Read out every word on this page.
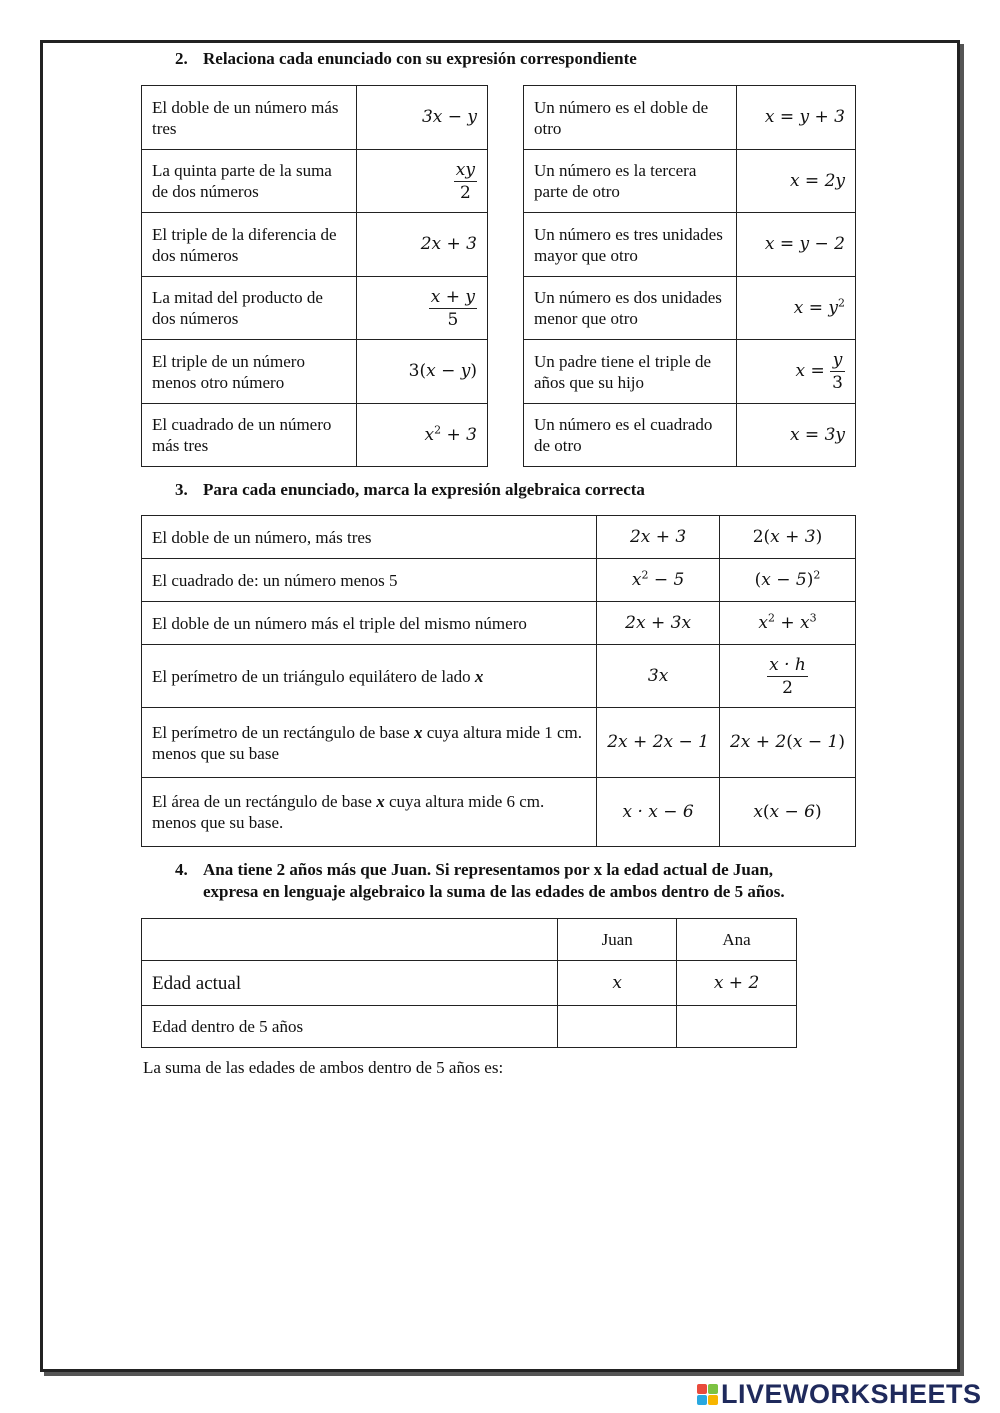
2. Relaciona cada enunciado con su expresión correspondiente
El doble de un número más tres	3x − y
La quinta parte de la suma de dos números	$\frac{xy}{2}$

El triple de la diferencia de dos números	2x + 3
La mitad del producto de dos números	$\frac{x + y}{5}$

El triple de un número menos otro número	3(x − y)
El cuadrado de un número más tres	$x^2 + 3$
Un número es el doble de otro	x = y + 3
Un número es la tercera parte de otro	x = 2y
Un número es tres unidades mayor que otro	x = y − 2
Un número es dos unidades menor que otro	$x = y^2$
Un padre tiene el triple de años que su hijo	$x = \frac{y}{3}$

Un número es el cuadrado de otro	x = 3y
3. Para cada enunciado, marca la expresión algebraica correcta
El doble de un número, más tres	2x + 3	2(x + 3)
El cuadrado de: un número menos 5	$x^2 - 5$	$(x - 5)^2$
El doble de un número más el triple del mismo número	2x + 3x	$x^2 + x^3$
El perímetro de un triángulo equilátero de lado x	3x	$\frac{x \cdot h}{2}$

El perímetro de un rectángulo de base x cuya altura mide 1 cm. menos que su base	2x + 2x − 1	2x + 2(x − 1)
El área de un rectángulo de base x cuya altura mide 6 cm. menos que su base.	x · x − 6	x(x − 6)
4. Ana tiene 2 años más que Juan. Si representamos por x la edad actual de Juan,
expresa en lenguaje algebraico la suma de las edades de ambos dentro de 5 años.
	Juan	Ana
Edad actual	x	x + 2
Edad dentro de 5 años		
La suma de las edades de ambos dentro de 5 años es:
LIVEWORKSHEETS
